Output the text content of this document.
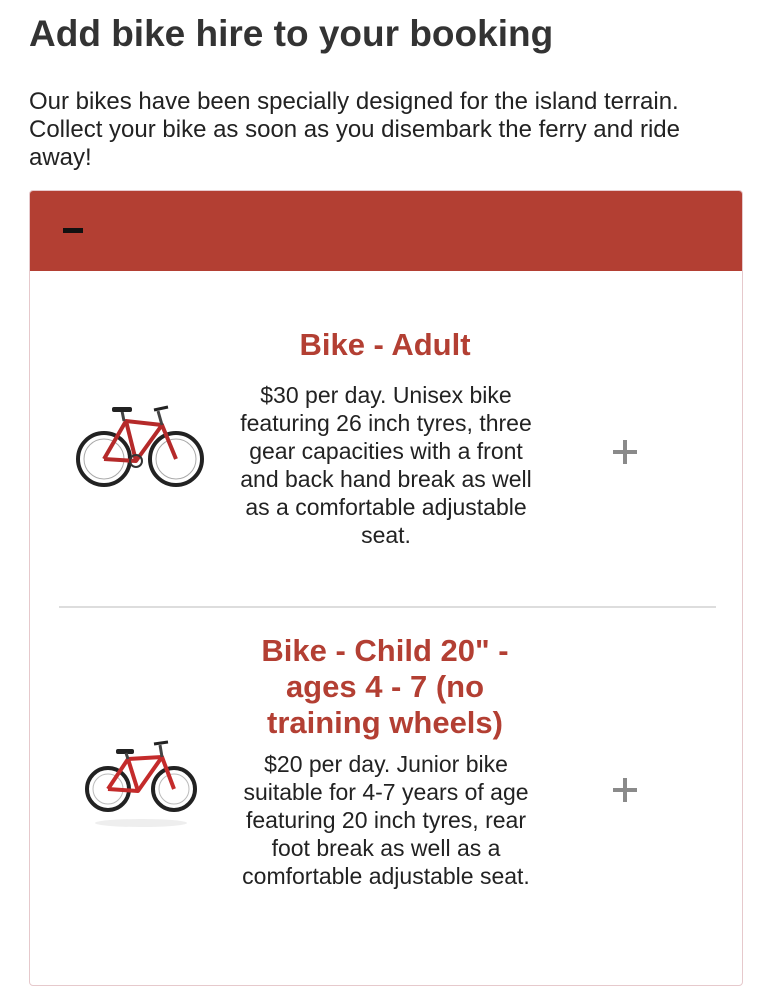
Add bike hire to your booking

Our bikes have been specially designed for the island terrain. Collect your bike as soon as you disembark the ferry and ride away!

Bike - Adult

$30 per day. Unisex bike featuring 26 inch tyres, three gear capacities with a front and back hand break as well as a comfortable adjustable seat.

Bike - Child 20" - ages 4 - 7 (no training wheels)

$20 per day. Junior bike suitable for 4-7 years of age featuring 20 inch tyres, rear foot break as well as a comfortable adjustable seat.
